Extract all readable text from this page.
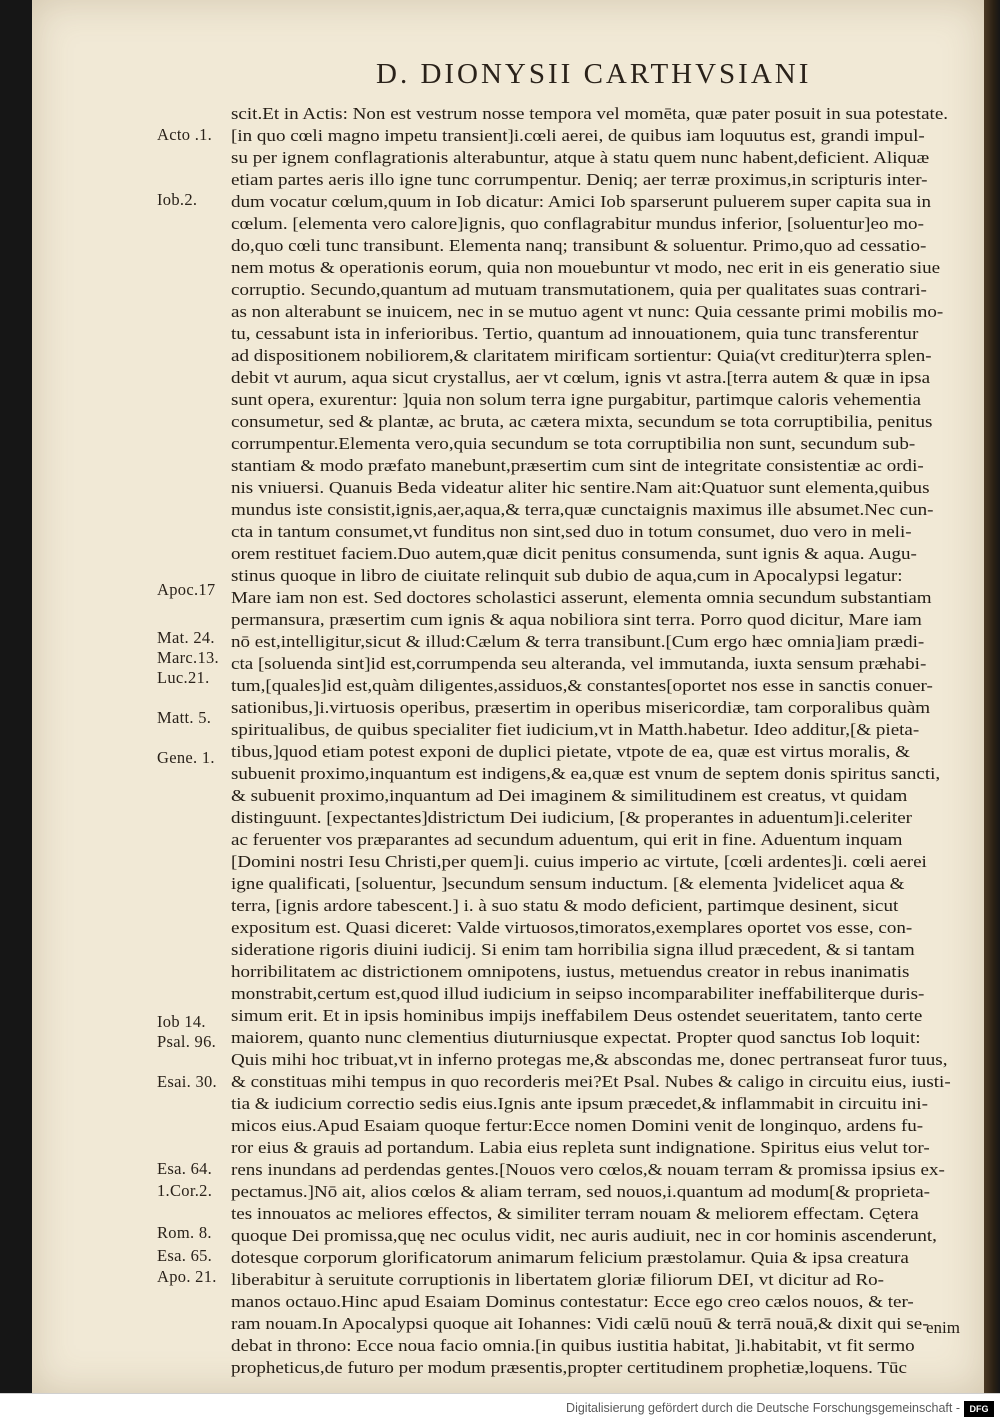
D. DIONYSII CARTHVSIANI
Acto .1.
Iob.2.
Apoc.17
Mat. 24.
Marc.13.
Luc.21.
Matt. 5.
Gene. 1.
Iob 14.
Psal. 96.
Esai. 30.
Esa. 64.
1.Cor.2.
Rom. 8.
Esa. 65.
Apo. 21.
scit.Et in Actis: Non est vestrum nosse tempora vel momēta, quæ pater posuit in sua potestate.
[in quo cœli magno impetu transient]i.cœli aerei, de quibus iam loquutus est, grandi impul-
su per ignem conflagrationis alterabuntur, atque à statu quem nunc habent,deficient. Aliquæ
etiam partes aeris illo igne tunc corrumpentur. Deniq; aer terræ proximus,in scripturis inter-
dum vocatur cœlum,quum in Iob dicatur: Amici Iob sparserunt puluerem super capita sua in
cœlum. [elementa vero calore]ignis, quo conflagrabitur mundus inferior, [soluentur]eo mo-
do,quo cœli tunc transibunt. Elementa nanq; transibunt & soluentur. Primo,quo ad cessatio-
nem motus & operationis eorum, quia non mouebuntur vt modo, nec erit in eis generatio siue
corruptio. Secundo,quantum ad mutuam transmutationem, quia per qualitates suas contrari-
as non alterabunt se inuicem, nec in se mutuo agent vt nunc: Quia cessante primi mobilis mo-
tu, cessabunt ista in inferioribus. Tertio, quantum ad innouationem, quia tunc transferentur
ad dispositionem nobiliorem,& claritatem mirificam sortientur: Quia(vt creditur)terra splen-
debit vt aurum, aqua sicut crystallus, aer vt cœlum, ignis vt astra.[terra autem & quæ in ipsa
sunt opera, exurentur: ]quia non solum terra igne purgabitur, partimque caloris vehementia
consumetur, sed & plantæ, ac bruta, ac cætera mixta, secundum se tota corruptibilia, penitus
corrumpentur.Elementa vero,quia secundum se tota corruptibilia non sunt, secundum sub-
stantiam & modo præfato manebunt,præsertim cum sint de integritate consistentiæ ac ordi-
nis vniuersi. Quanuis Beda videatur aliter hic sentire.Nam ait:Quatuor sunt elementa,quibus
mundus iste consistit,ignis,aer,aqua,& terra,quæ cunctaignis maximus ille absumet.Nec cun-
cta in tantum consumet,vt funditus non sint,sed duo in totum consumet, duo vero in meli-
orem restituet faciem.Duo autem,quæ dicit penitus consumenda, sunt ignis & aqua. Augu-
stinus quoque in libro de ciuitate relinquit sub dubio de aqua,cum in Apocalypsi legatur:
Mare iam non est. Sed doctores scholastici asserunt, elementa omnia secundum substantiam
permansura, præsertim cum ignis & aqua nobiliora sint terra. Porro quod dicitur, Mare iam
nō est,intelligitur,sicut & illud:Cælum & terra transibunt.[Cum ergo hæc omnia]iam prædi-
cta [soluenda sint]id est,corrumpenda seu alteranda, vel immutanda, iuxta sensum præhabi-
tum,[quales]id est,quàm diligentes,assiduos,& constantes[oportet nos esse in sanctis conuer-
sationibus,]i.virtuosis operibus, præsertim in operibus misericordiæ, tam corporalibus quàm
spiritualibus, de quibus specialiter fiet iudicium,vt in Matth.habetur. Ideo additur,[& pieta-
tibus,]quod etiam potest exponi de duplici pietate, vtpote de ea, quæ est virtus moralis, &
subuenit proximo,inquantum est indigens,& ea,quæ est vnum de septem donis spiritus sancti,
& subuenit proximo,inquantum ad Dei imaginem & similitudinem est creatus, vt quidam
distinguunt. [expectantes]districtum Dei iudicium, [& properantes in aduentum]i.celeriter
ac feruenter vos præparantes ad secundum aduentum, qui erit in fine. Aduentum inquam
[Domini nostri Iesu Christi,per quem]i. cuius imperio ac virtute, [cœli ardentes]i. cœli aerei
igne qualificati, [soluentur, ]secundum sensum inductum. [& elementa ]videlicet aqua &
terra, [ignis ardore tabescent.] i. à suo statu & modo deficient, partimque desinent, sicut
expositum est. Quasi diceret: Valde virtuosos,timoratos,exemplares oportet vos esse, con-
sideratione rigoris diuini iudicij. Si enim tam horribilia signa illud præcedent, & si tantam
horribilitatem ac districtionem omnipotens, iustus, metuendus creator in rebus inanimatis
monstrabit,certum est,quod illud iudicium in seipso incomparabiliter ineffabiliterque duris-
simum erit. Et in ipsis hominibus impijs ineffabilem Deus ostendet seueritatem, tanto certe
maiorem, quanto nunc clementius diuturniusque expectat. Propter quod sanctus Iob loquit:
Quis mihi hoc tribuat,vt in inferno protegas me,& abscondas me, donec pertranseat furor tuus,
& constituas mihi tempus in quo recorderis mei?Et Psal. Nubes & caligo in circuitu eius, iusti-
tia & iudicium correctio sedis eius.Ignis ante ipsum præcedet,& inflammabit in circuitu ini-
micos eius.Apud Esaiam quoque fertur:Ecce nomen Domini venit de longinquo, ardens fu-
ror eius & grauis ad portandum. Labia eius repleta sunt indignatione. Spiritus eius velut tor-
rens inundans ad perdendas gentes.[Nouos vero cœlos,& nouam terram & promissa ipsius ex-
pectamus.]Nō ait, alios cœlos & aliam terram, sed nouos,i.quantum ad modum[& proprieta-
tes innouatos ac meliores effectos, & similiter terram nouam & meliorem effectam. Cętera
quoque Dei promissa,quę nec oculus vidit, nec auris audiuit, nec in cor hominis ascenderunt,
dotesque corporum glorificatorum animarum felicium præstolamur. Quia & ipsa creatura
liberabitur à seruitute corruptionis in libertatem gloriæ filiorum DEI, vt dicitur ad Ro-
manos octauo.Hinc apud Esaiam Dominus contestatur: Ecce ego creo cælos nouos, & ter-
ram nouam.In Apocalypsi quoque ait Iohannes: Vidi cælū nouū & terrā nouā,& dixit qui se-
debat in throno: Ecce noua facio omnia.[in quibus iustitia habitat, ]i.habitabit, vt fit sermo
propheticus,de futuro per modum præsentis,propter certitudinem prophetiæ,loquens. Tūc
enim
Digitalisierung gefördert durch die Deutsche Forschungsgemeinschaft -	DFG
